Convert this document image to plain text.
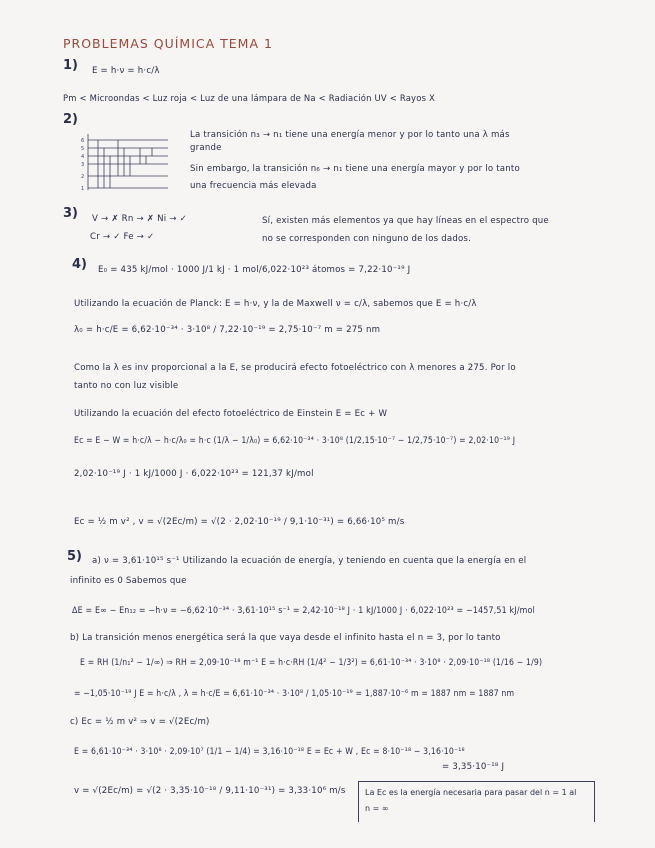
PROBLEMAS QUÍMICA TEMA 1
1) E = h·ν = h·c/λ
Pm < Microondas < Luz roja < Luz de una lámpara de Na < Radiación UV < Rayos X
2)
6
5
4
3
2
1
La transición n₃ → n₁ tiene una energía menor y por lo tanto una λ más
grande
Sin embargo, la transición n₆ → n₁ tiene una energía mayor y por lo tanto
una frecuencia más elevada
3) V → ✗ Rn → ✗ Ni → ✓
Cr → ✓ Fe → ✓
Sí, existen más elementos ya que hay líneas en el espectro que
no se corresponden con ninguno de los dados.
4) E₀ = 435 kJ/mol · 1000 J/1 kJ · 1 mol/6,022·10²³ átomos = 7,22·10⁻¹⁹ J
Utilizando la ecuación de Planck: E = h·ν, y la de Maxwell ν = c/λ, sabemos que E = h·c/λ
λ₀ = h·c/E = 6,62·10⁻³⁴ · 3·10⁸ / 7,22·10⁻¹⁹ = 2,75·10⁻⁷ m = 275 nm
Como la λ es inv proporcional a la E, se producirá efecto fotoeléctrico con λ menores a 275. Por lo
tanto no con luz visible
Utilizando la ecuación del efecto fotoeléctrico de Einstein E = Ec + W
Ec = E − W = h·c/λ − h·c/λ₀ = h·c (1/λ − 1/λ₀) = 6,62·10⁻³⁴ · 3·10⁸ (1/2,15·10⁻⁷ − 1/2,75·10⁻⁷) = 2,02·10⁻¹⁹ J
2,02·10⁻¹⁹ J · 1 kJ/1000 J · 6,022·10²³ = 121,37 kJ/mol
Ec = ½ m v² , v = √(2Ec/m) = √(2 · 2,02·10⁻¹⁹ / 9,1·10⁻³¹) = 6,66·10⁵ m/s
5) a) ν = 3,61·10¹⁵ s⁻¹ Utilizando la ecuación de energía, y teniendo en cuenta que la energía en el
infinito es 0 Sabemos que
ΔE = E∞ − En₁₂ = −h·ν = −6,62·10⁻³⁴ · 3,61·10¹⁵ s⁻¹ = 2,42·10⁻¹⁸ J · 1 kJ/1000 J · 6,022·10²³ = −1457,51 kJ/mol
b) La transición menos energética será la que vaya desde el infinito hasta el n = 3, por lo tanto
E = RH (1/n₁² − 1/∞) ⇒ RH = 2,09·10⁻¹⁸ m⁻¹ E = h·c·RH (1/4² − 1/3²) = 6,61·10⁻³⁴ · 3·10⁸ · 2,09·10⁻¹⁸ (1/16 − 1/9)
= −1,05·10⁻¹⁹ J E = h·c/λ , λ = h·c/E = 6,61·10⁻³⁴ · 3·10⁸ / 1,05·10⁻¹⁹ = 1,887·10⁻⁶ m = 1887 nm = 1887 nm
c) Ec = ½ m v² ⇒ v = √(2Ec/m)
E = 6,61·10⁻³⁴ · 3·10⁸ · 2,09·10⁷ (1/1 − 1/4) = 3,16·10⁻¹⁸ E = Ec + W , Ec = 8·10⁻¹⁸ − 3,16·10⁻¹⁸
= 3,35·10⁻¹⁸ J
v = √(2Ec/m) = √(2 · 3,35·10⁻¹⁸ / 9,11·10⁻³¹) = 3,33·10⁶ m/s La Ec es la energía necesaria para pasar del n = 1 al
n = ∞
